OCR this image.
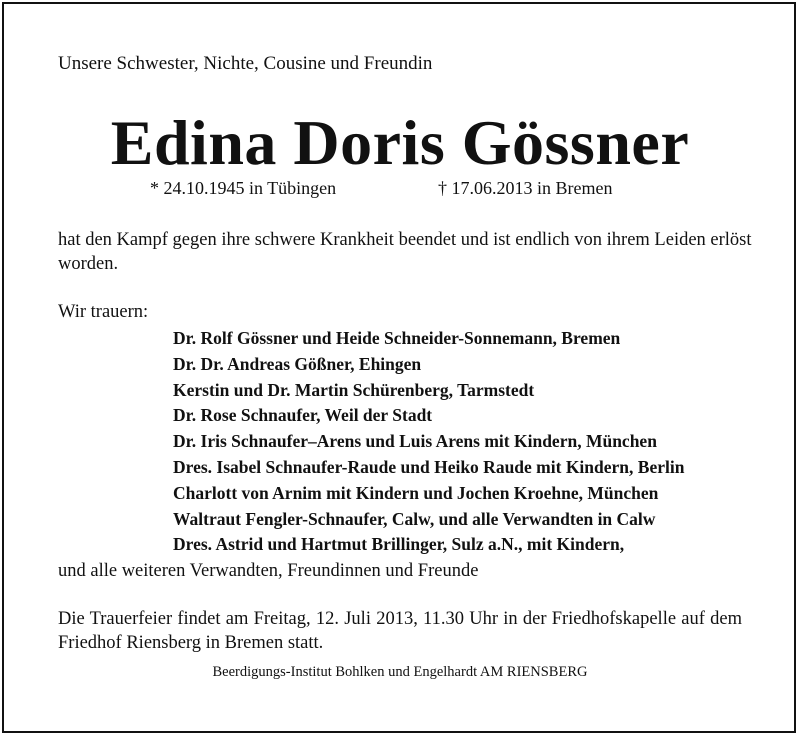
Unsere Schwester, Nichte, Cousine und Freundin
Edina Doris Gössner
* 24.10.1945 in Tübingen	† 17.06.2013 in Bremen
hat den Kampf gegen ihre schwere Krankheit beendet und ist endlich von ihrem Leiden erlöst worden.
Wir trauern:
Dr. Rolf Gössner und Heide Schneider-Sonnemann, Bremen
Dr. Dr. Andreas Gößner, Ehingen
Kerstin und Dr. Martin Schürenberg, Tarmstedt
Dr. Rose Schnaufer, Weil der Stadt
Dr. Iris Schnaufer–Arens und Luis Arens mit Kindern, München
Dres. Isabel Schnaufer-Raude und Heiko Raude mit Kindern, Berlin
Charlott von Arnim mit Kindern und Jochen Kroehne, München
Waltraut Fengler-Schnaufer, Calw, und alle Verwandten in Calw
Dres. Astrid und Hartmut Brillinger, Sulz a.N., mit Kindern,
und alle weiteren Verwandten, Freundinnen und Freunde
Die Trauerfeier findet am Freitag, 12. Juli 2013, 11.30 Uhr in der Friedhofskapelle auf dem Friedhof Riensberg in Bremen statt.
Beerdigungs-Institut Bohlken und Engelhardt AM RIENSBERG
